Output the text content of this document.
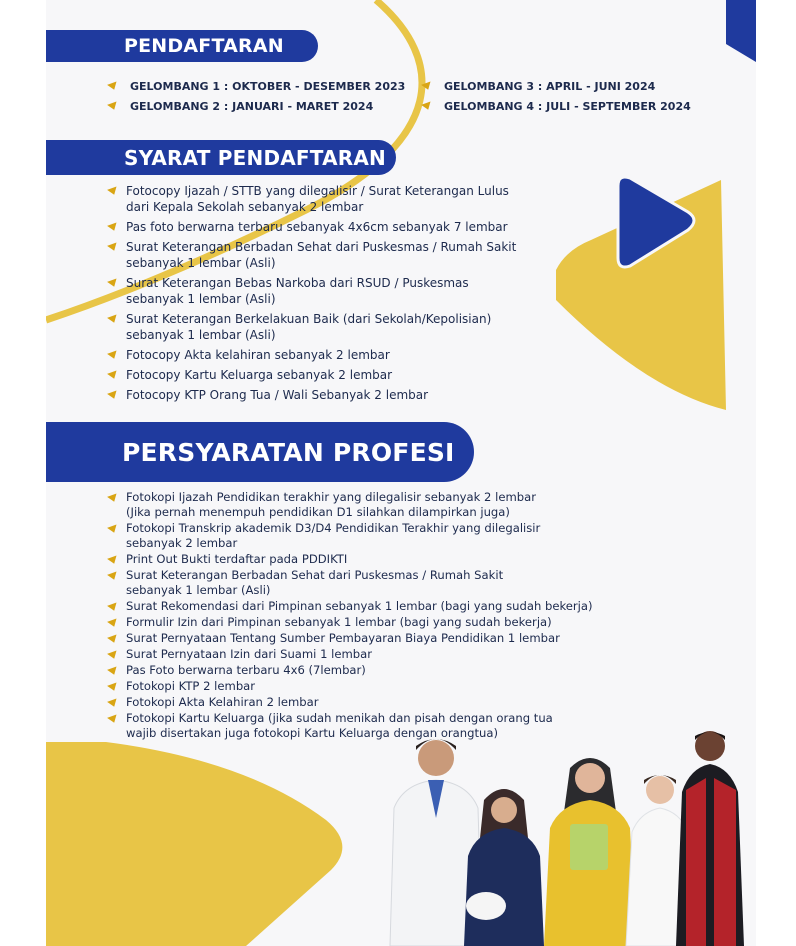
PENDAFTARAN
GELOMBANG 1 : OKTOBER - DESEMBER 2023
GELOMBANG 2 : JANUARI - MARET 2024
GELOMBANG 3 : APRIL - JUNI 2024
GELOMBANG 4 : JULI - SEPTEMBER 2024
SYARAT PENDAFTARAN
Fotocopy Ijazah / STTB yang dilegalisir / Surat Keterangan Lulus
dari Kepala Sekolah sebanyak 2 lembar
Pas foto berwarna terbaru sebanyak 4x6cm sebanyak 7 lembar
Surat Keterangan Berbadan Sehat dari Puskesmas / Rumah Sakit
sebanyak 1 lembar (Asli)
Surat Keterangan Bebas Narkoba dari RSUD / Puskesmas
sebanyak 1 lembar (Asli)
Surat Keterangan Berkelakuan Baik (dari Sekolah/Kepolisian)
sebanyak 1 lembar (Asli)
Fotocopy Akta kelahiran sebanyak 2 lembar
Fotocopy Kartu Keluarga sebanyak 2 lembar
Fotocopy KTP Orang Tua / Wali Sebanyak 2 lembar
PERSYARATAN PROFESI
Fotokopi Ijazah Pendidikan terakhir yang dilegalisir sebanyak 2 lembar
(Jika pernah menempuh pendidikan D1 silahkan dilampirkan juga)
Fotokopi Transkrip akademik D3/D4 Pendidikan Terakhir yang dilegalisir
sebanyak 2 lembar
Print Out Bukti terdaftar pada PDDIKTI
Surat Keterangan Berbadan Sehat dari Puskesmas / Rumah Sakit
sebanyak 1 lembar (Asli)
Surat Rekomendasi dari Pimpinan sebanyak 1 lembar (bagi yang sudah bekerja)
Formulir Izin dari Pimpinan sebanyak 1 lembar (bagi yang sudah bekerja)
Surat Pernyataan Tentang Sumber Pembayaran Biaya Pendidikan 1 lembar
Surat Pernyataan Izin dari Suami 1 lembar
Pas Foto berwarna terbaru 4x6 (7lembar)
Fotokopi KTP 2 lembar
Fotokopi Akta Kelahiran 2 lembar
Fotokopi Kartu Keluarga (jika sudah menikah dan pisah dengan orang tua
wajib disertakan juga fotokopi Kartu Keluarga dengan orangtua)
